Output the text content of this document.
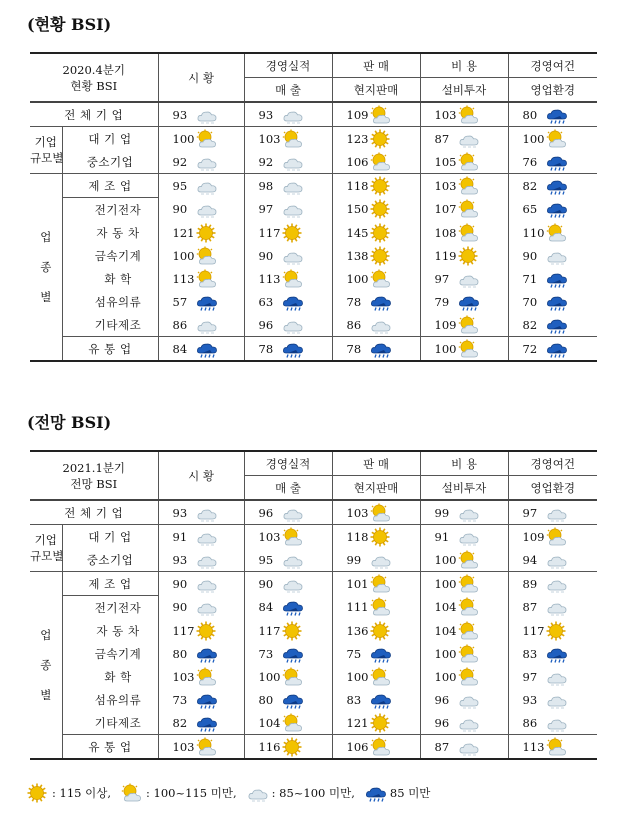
(현황 BSI)
2020.4분기
현황 BSI		시 황		경영실적		판 매		비 용		경영여건	
				매 출		현지판매		설비투자		영업환경	
전 체 기 업		93		93		109		103		80	

기업
규모별	대 기 업	100		103		123		87		100	

	중소기업	92		92		106		105		76	

업
종
별	제 조 업	95		98		118		103		82	

	전기전자	90		97		150		107		65	

	자 동 차	121		117		145		108		110	

	금속기계	100		90		138		119		90	

	화 학	113		113		100		97		71	

	섬유의류	57		63		78		79		70	

	기타제조	86		96		86		109		82	

	유 통 업	84		78		78		100		72	
(전망 BSI)
2021.1분기
전망 BSI		시 황		경영실적		판 매		비 용		경영여건	
				매 출		현지판매		설비투자		영업환경	
전 체 기 업		93		96		103		99		97	

기업
규모별	대 기 업	91		103		118		91		109	

	중소기업	93		95		99		100		94	

업
종
별	제 조 업	90		90		101		100		89	

	전기전자	90		84		111		104		87	

	자 동 차	117		117		136		104		117	

	금속기계	80		73		75		100		83	

	화 학	103		100		100		100		97	

	섬유의류	73		80		83		96		93	

	기타제조	82		104		121		96		86	

	유 통 업	103		116		106		87		113	
: 115 이상,	: 100~115 미만,	: 85~100 미만,	85 미만
